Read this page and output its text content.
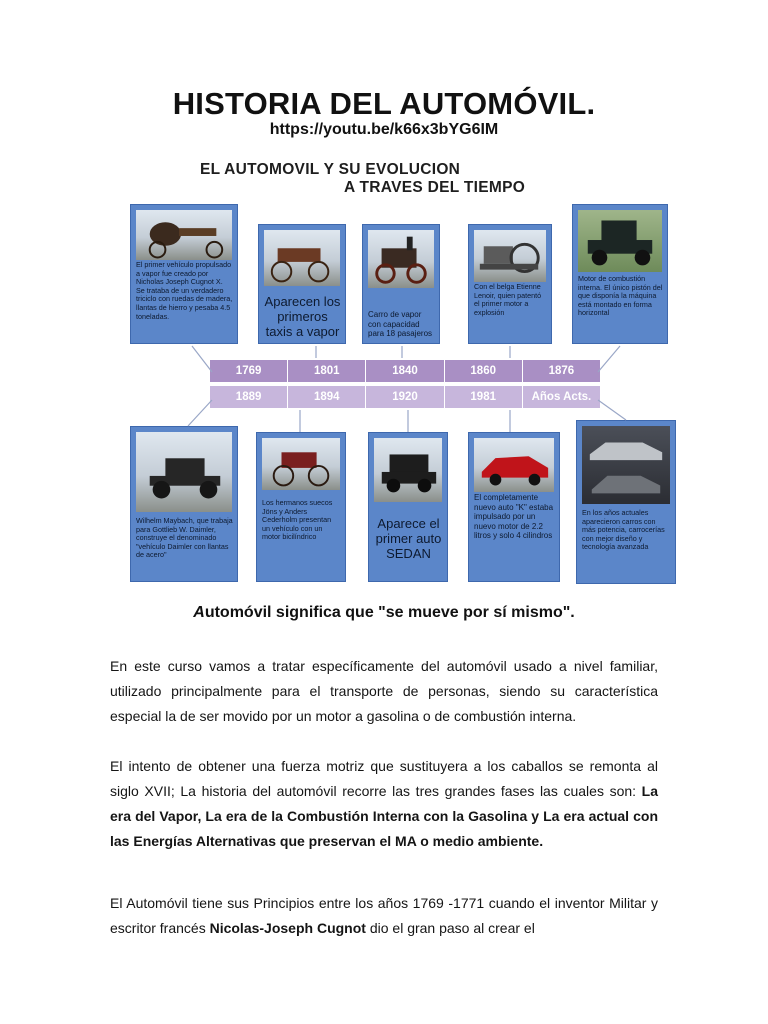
HISTORIA DEL AUTOMÓVIL.
https://youtu.be/k66x3bYG6IM
EL AUTOMOVIL Y SU EVOLUCION
A TRAVES DEL TIEMPO
El primer vehículo propulsado a vapor fue creado por Nicholas Joseph Cugnot X. Se trataba de un verdadero triciclo con ruedas de madera, llantas de hierro y pesaba 4.5 toneladas.
Aparecen los primeros taxis a vapor
Carro de vapor con capacidad para 18 pasajeros
Con el belga Etienne Lenoir, quien patentó el primer motor a explosión
Motor de combustión interna. El único pistón del que disponía la máquina está montado en forma horizontal
1769	1801	1840	1860	1876
1889	1894	1920	1981	Años Acts.
Wilhelm Maybach, que trabaja para Gottlieb W. Daimler, construye el denominado "vehículo Daimler con llantas de acero"
Los hermanos suecos Jöns y Anders Cederholm presentan un vehículo con un motor bicilíndrico
Aparece el primer auto SEDAN
El completamente nuevo auto "K" estaba impulsado por un nuevo motor de 2.2 litros y solo 4 cilindros
En los años actuales aparecieron carros con más potencia, carrocerías con mejor diseño y tecnología avanzada

Automóvil significa que "se mueve por sí mismo".

En este curso vamos a tratar específicamente del automóvil usado a nivel familiar, utilizado principalmente para el transporte de personas, siendo su característica especial la de ser movido por un motor a gasolina o de combustión interna.

El intento de obtener una fuerza motriz que sustituyera a los caballos se remonta al siglo XVII; La historia del automóvil recorre las tres grandes fases las cuales son: La era del Vapor, La era de la Combustión Interna con la Gasolina y La era actual con las Energías Alternativas que preservan el MA o medio ambiente.

El Automóvil tiene sus Principios entre los años 1769 -1771 cuando el inventor Militar y escritor francés Nicolas-Joseph Cugnot dio el gran paso al crear el
